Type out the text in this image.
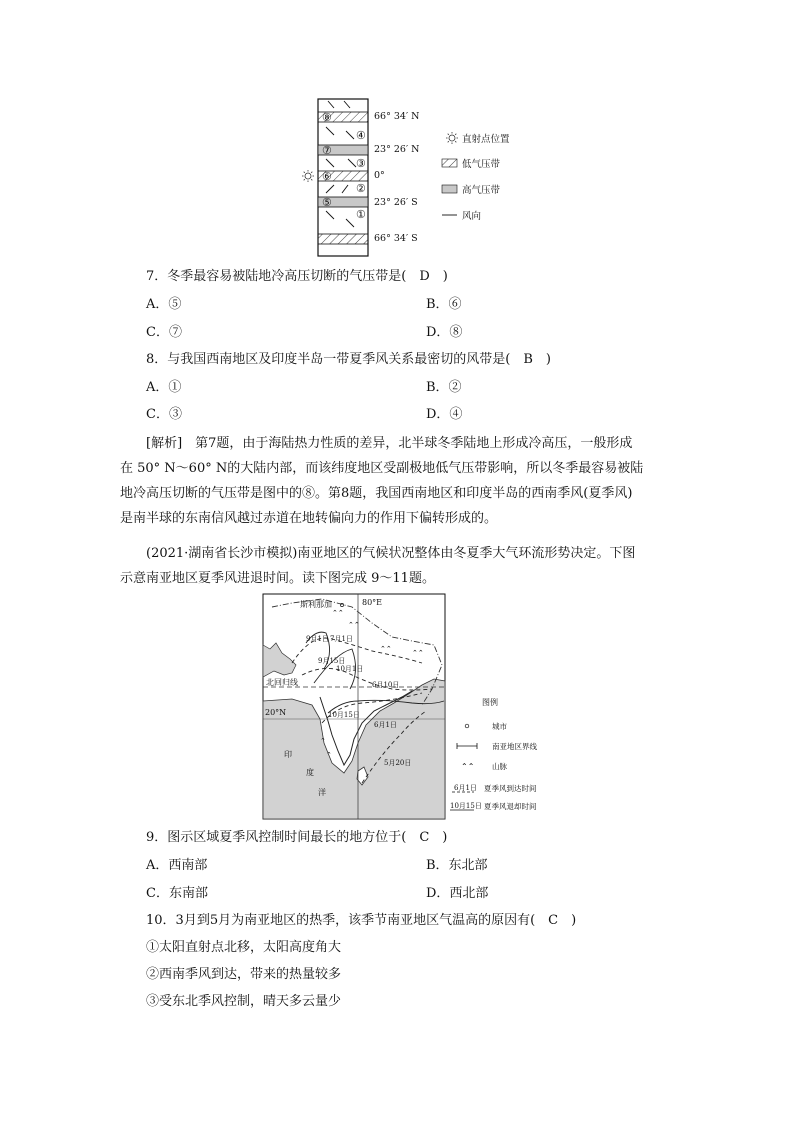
⑧
④
⑦
③
⑥
②
⑤
①
66° 34′ N
23° 26′ N
0°
23° 26′ S
66° 34′ S
直射点位置
低气压带
高气压带
风向
7．冬季最容易被陆地冷高压切断的气压带是(　D　)
A．⑤	B．⑥
C．⑦	D．⑧
8．与我国西南地区及印度半岛一带夏季风关系最密切的风带是(　B　)
A．①	B．②
C．③	D．④

[解析]　第7题，由于海陆热力性质的差异，北半球冬季陆地上形成冷高压，一般形成

在 50° N～60° N的大陆内部，而该纬度地区受副极地低气压带影响，所以冬季最容易被陆

地冷高压切断的气压带是图中的⑧。第8题，我国西南地区和印度半岛的西南季风(夏季风)

是南半球的东南信风越过赤道在地转偏向力的作用下偏转形成的。

(2021·湖南省长沙市模拟)南亚地区的气候状况整体由冬夏季大气环流形势决定。下图

示意南亚地区夏季风进退时间。读下图完成 9～11题。

⌃⌃
⌃⌃
⌃⌃	⌃⌃
⌃
⌃
斯利那加	80°E
北回归线
20°N
9月1日 7月1日
9月15日
10月1日
6月10日
10月15日
6月1日
5月20日
印
度
洋
图例
城市
南亚地区界线
⌃⌃ 山脉
6月1日 夏季风到达时间
10月15日 夏季风退却时间
9．图示区域夏季风控制时间最长的地方位于(　C　)
A．西南部	B．东北部
C．东南部	D．西北部
10．3月到5月为南亚地区的热季，该季节南亚地区气温高的原因有(　C　)
①太阳直射点北移，太阳高度角大
②西南季风到达，带来的热量较多
③受东北季风控制，晴天多云量少
